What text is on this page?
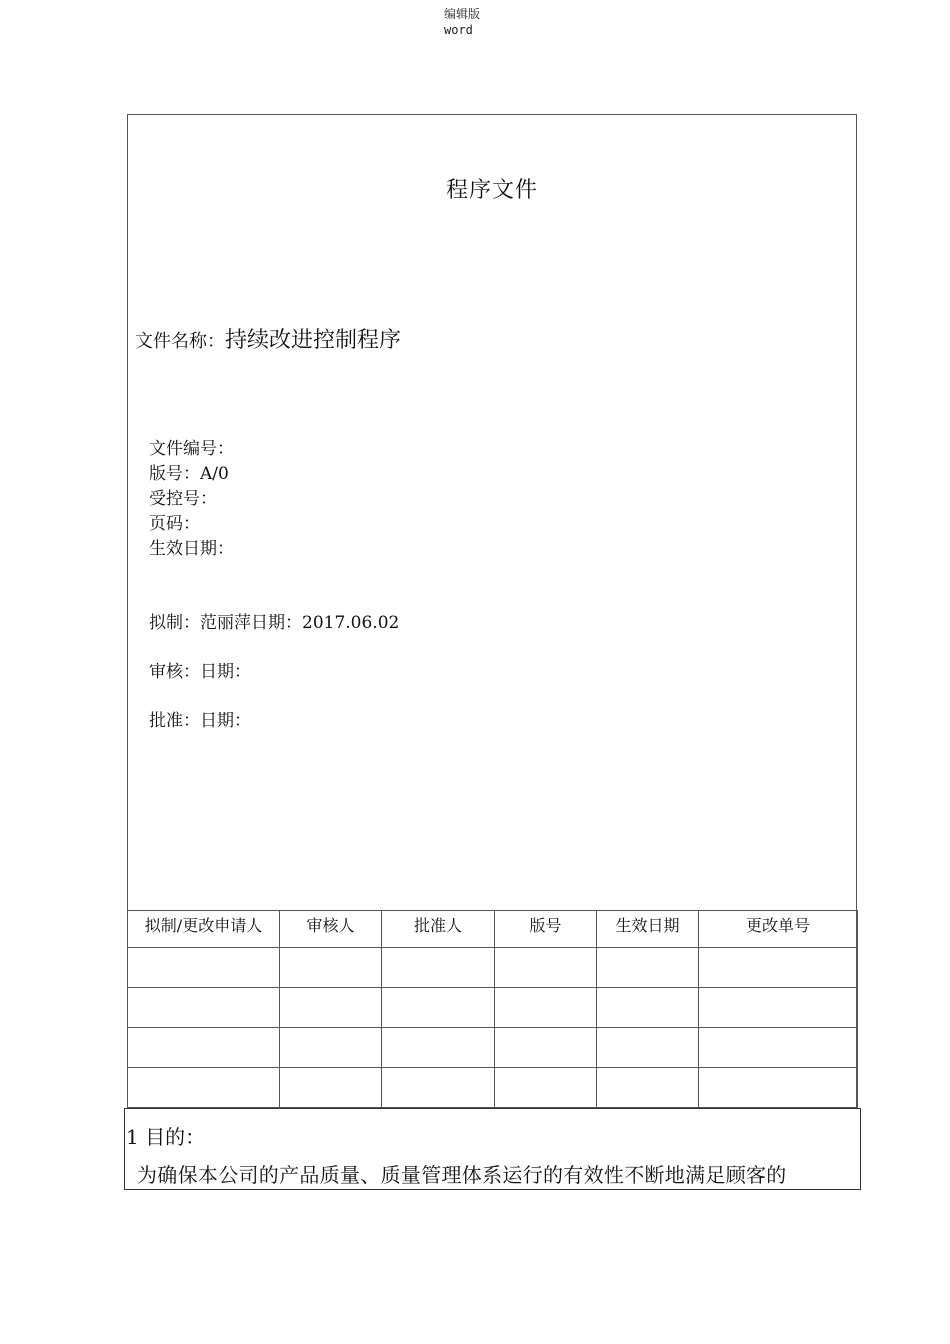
编辑版
word
程序文件
文件名称：持续改进控制程序
文件编号：
版号：A/0
受控号：
页码：
生效日期：
拟制：范丽萍日期：2017.06.02
审核：日期：
批准：日期：
拟制/更改申请人	审核人	批准人	版号	生效日期	更改单号

1 目的：
为确保本公司的产品质量、质量管理体系运行的有效性不断地满足顾客的
